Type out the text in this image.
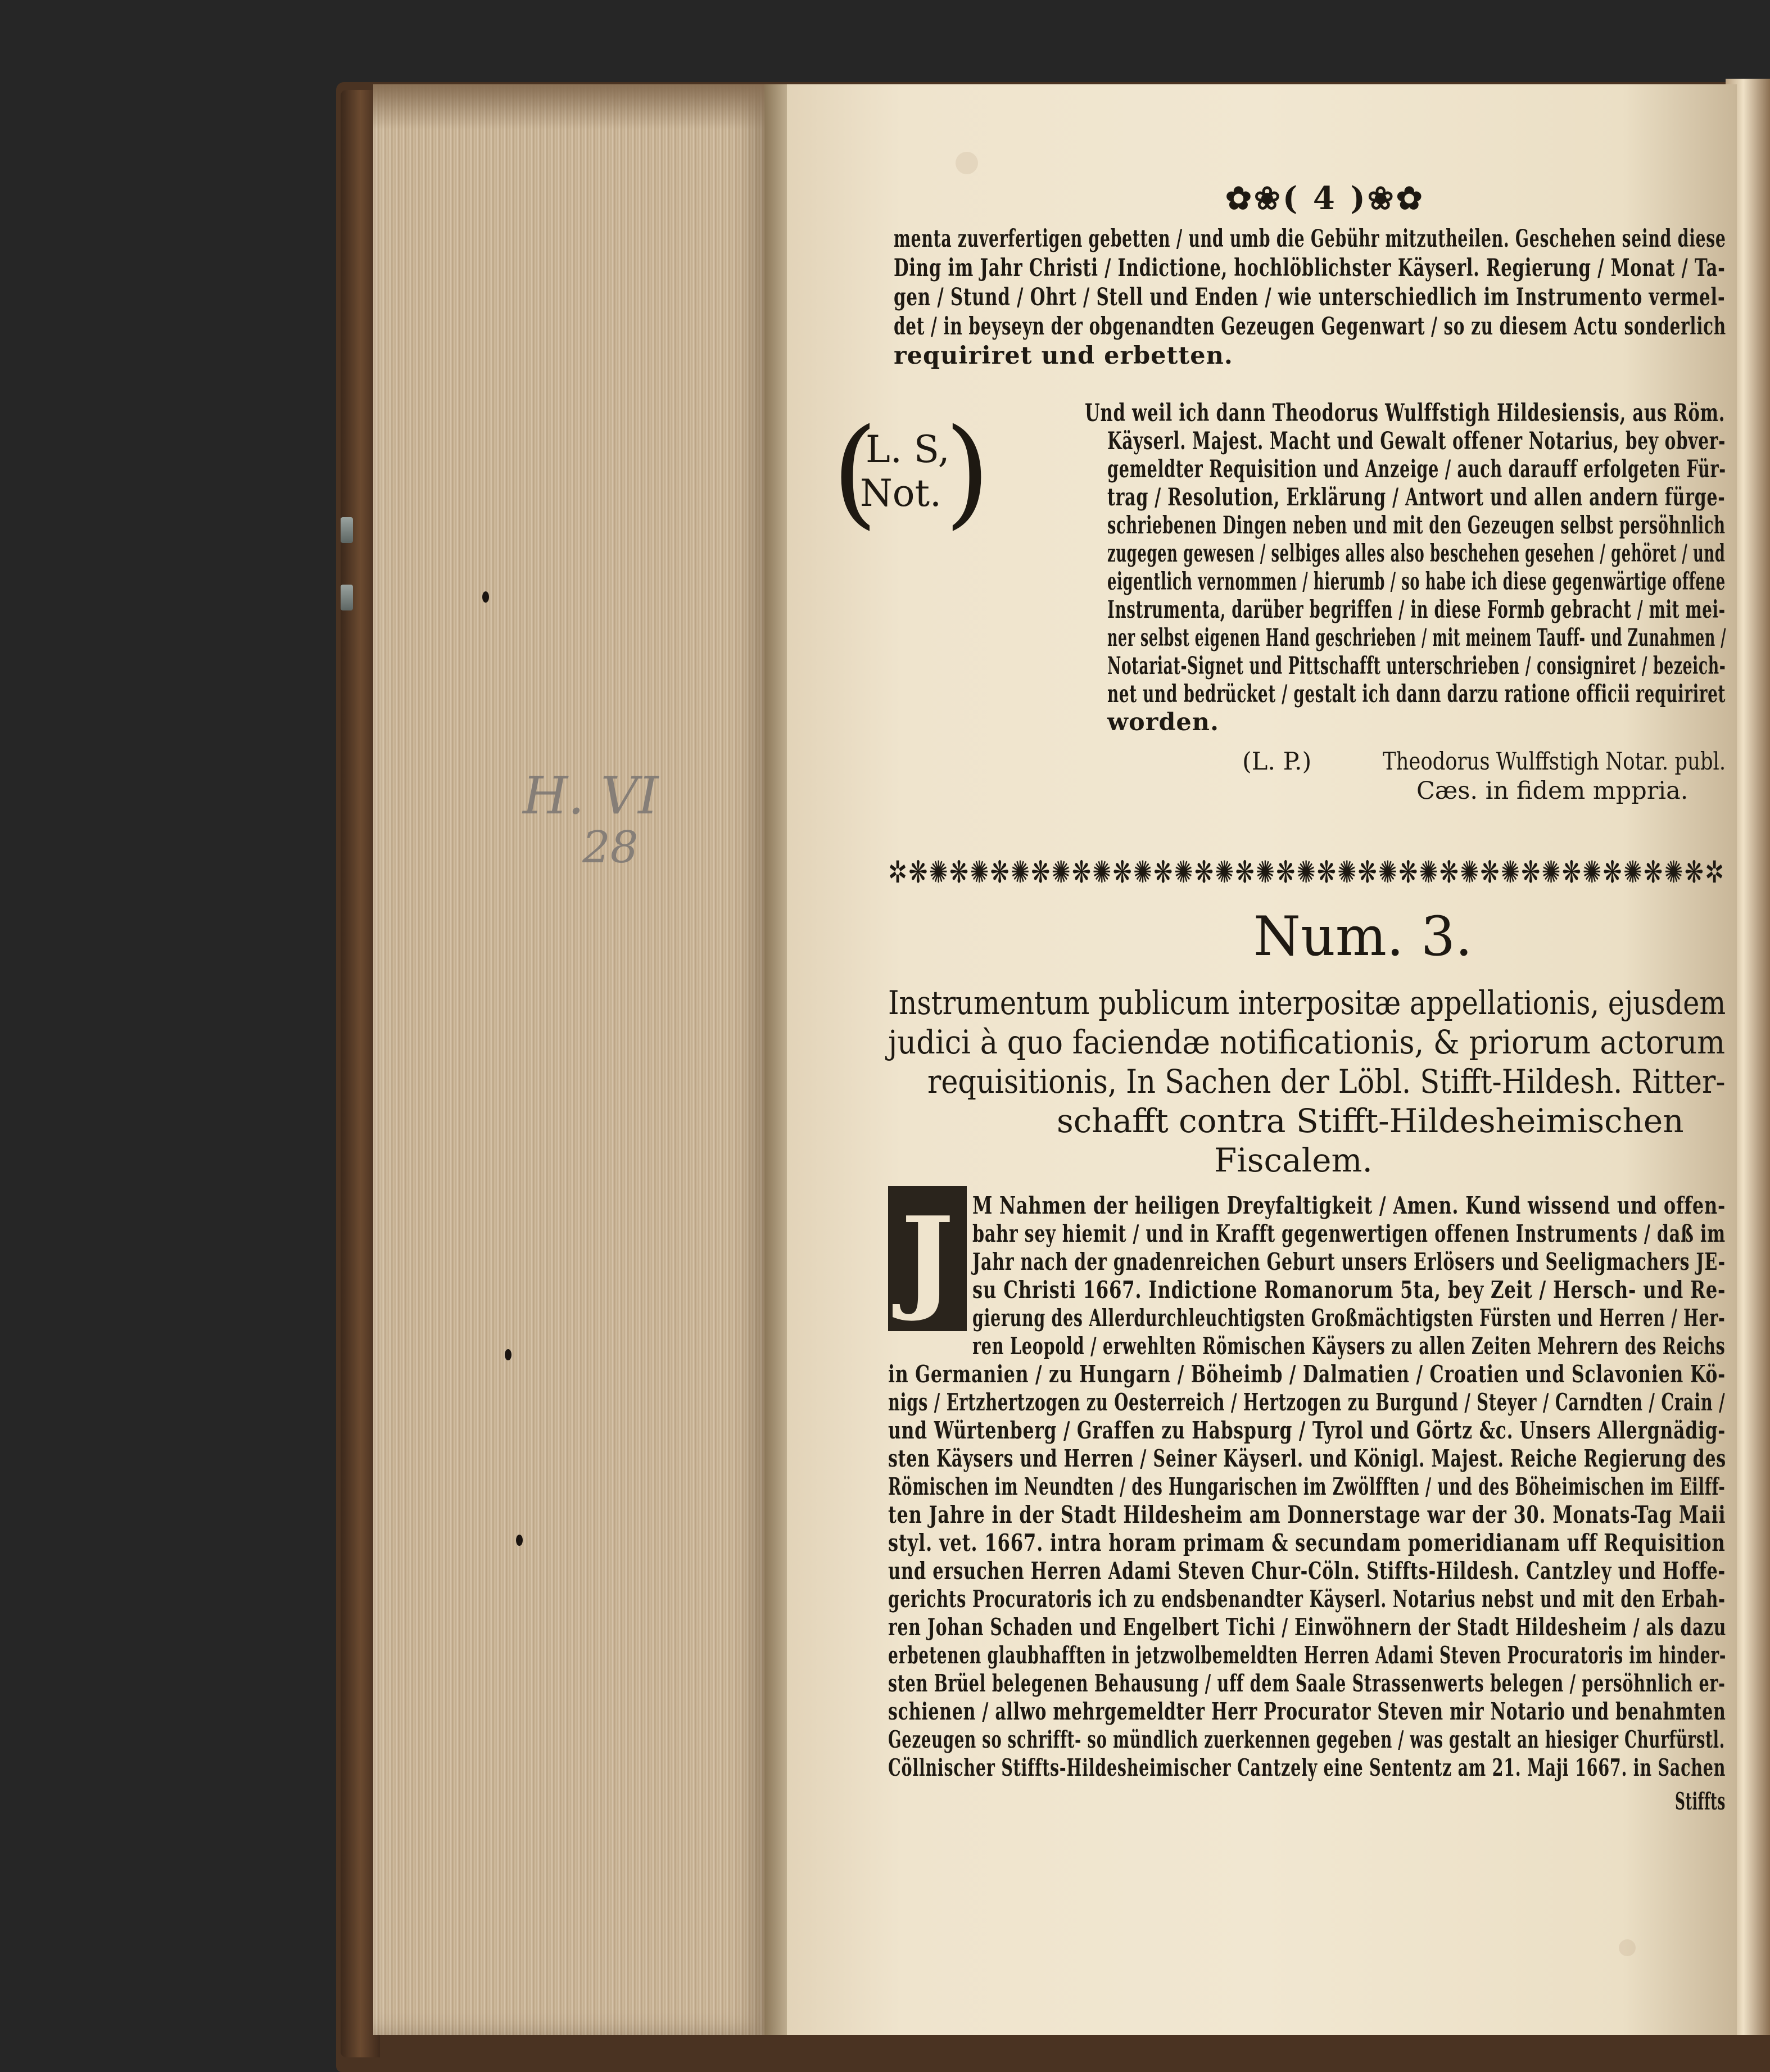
H. VI
28
✿❀( 4 )❀✿
menta zuverfertigen gebetten / und umb die Gebühr mitzutheilen. Geschehen seind diese
Ding im Jahr Christi / Indictione, hochlöblichster Käyserl. Regierung / Monat / Ta-
gen / Stund / Ohrt / Stell und Enden / wie unterschiedlich im Instrumento vermel-
det / in beyseyn der obgenandten Gezeugen Gegenwart / so zu diesem Actu sonderlich
requiriret und erbetten.
(
L. S,
Not. )	Und weil ich dann Theodorus Wulffstigh Hildesiensis, aus Röm.
Käyserl. Majest. Macht und Gewalt offener Notarius, bey obver-
gemeldter Requisition und Anzeige / auch darauff erfolgeten Für-
trag / Resolution, Erklärung / Antwort und allen andern fürge-
schriebenen Dingen neben und mit den Gezeugen selbst persöhnlich
zugegen gewesen / selbiges alles also beschehen gesehen / gehöret / und
eigentlich vernommen / hierumb / so habe ich diese gegenwärtige offene
Instrumenta, darüber begriffen / in diese Formb gebracht / mit mei-
ner selbst eigenen Hand geschrieben / mit meinem Tauff- und Zunahmen /
Notariat-Signet und Pittschafft unterschrieben / consigniret / bezeich-
net und bedrücket / gestalt ich dann darzu ratione officii requiriret
worden.
(L. P.)	Theodorus Wulffstigh Notar. publ.
Cæs. in fidem mppria.
✲❋✺❋✺❋✺❋✺❋✺❋✺❋✺❋✺❋✺❋✺❋✺❋✺❋✺❋✺❋✺❋✺❋✺❋✺❋✺❋✲
Num. 3.
Instrumentum publicum interpositæ appellationis, ejusdem
judici à quo faciendæ notificationis, & priorum actorum
requisitionis, In Sachen der Löbl. Stifft-Hildesh. Ritter-
schafft contra Stifft-Hildesheimischen
Fiscalem.
J M Nahmen der heiligen Dreyfaltigkeit / Amen. Kund wissend und offen-
bahr sey hiemit / und in Krafft gegenwertigen offenen Instruments / daß im
Jahr nach der gnadenreichen Geburt unsers Erlösers und Seeligmachers JE-
su Christi 1667. Indictione Romanorum 5ta, bey Zeit / Hersch- und Re-
gierung des Allerdurchleuchtigsten Großmächtigsten Fürsten und Herren / Her-
ren Leopold / erwehlten Römischen Käysers zu allen Zeiten Mehrern des Reichs
in Germanien / zu Hungarn / Böheimb / Dalmatien / Croatien und Sclavonien Kö-
nigs / Ertzhertzogen zu Oesterreich / Hertzogen zu Burgund / Steyer / Carndten / Crain /
und Würtenberg / Graffen zu Habspurg / Tyrol und Görtz &c. Unsers Allergnädig-
sten Käysers und Herren / Seiner Käyserl. und Königl. Majest. Reiche Regierung des
Römischen im Neundten / des Hungarischen im Zwölfften / und des Böheimischen im Eilff-
ten Jahre in der Stadt Hildesheim am Donnerstage war der 30. Monats-Tag Maii
styl. vet. 1667. intra horam primam & secundam pomeridianam uff Requisition
und ersuchen Herren Adami Steven Chur-Cöln. Stiffts-Hildesh. Cantzley und Hoffe-
gerichts Procuratoris ich zu endsbenandter Käyserl. Notarius nebst und mit den Erbah-
ren Johan Schaden und Engelbert Tichi / Einwöhnern der Stadt Hildesheim / als dazu
erbetenen glaubhafften in jetzwolbemeldten Herren Adami Steven Procuratoris im hinder-
sten Brüel belegenen Behausung / uff dem Saale Strassenwerts belegen / persöhnlich er-
schienen / allwo mehrgemeldter Herr Procurator Steven mir Notario und benahmten
Gezeugen so schrifft- so mündlich zuerkennen gegeben / was gestalt an hiesiger Churfürstl.
Cöllnischer Stiffts-Hildesheimischer Cantzely eine Sententz am 21. Maji 1667. in Sachen
Stiffts
